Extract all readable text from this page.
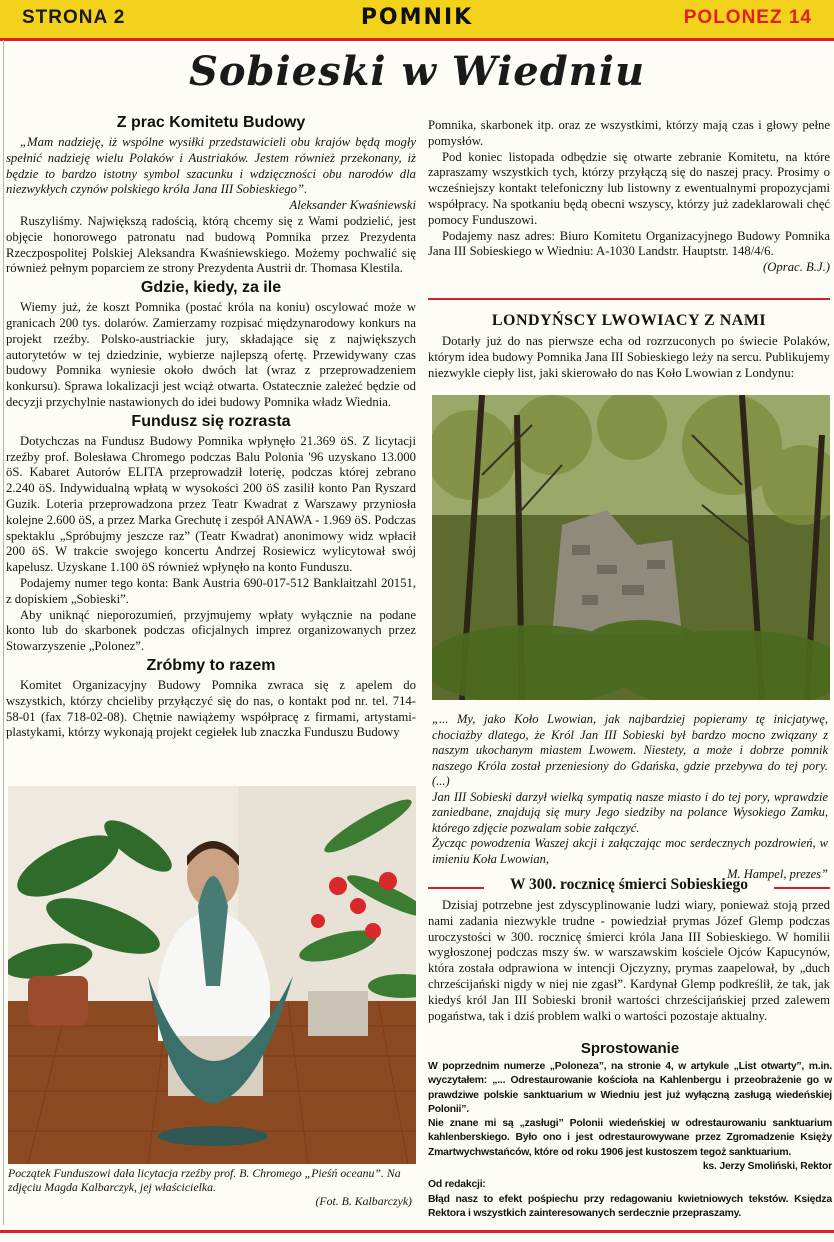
STRONA 2	POMNIK	POLONEZ 14
Sobieski w Wiedniu
Z prac Komitetu Budowy

„Mam nadzieję, iż wspólne wysiłki przedstawicieli obu krajów będą mogły spełnić nadzieję wielu Polaków i Austriaków. Jestem również przekonany, iż będzie to bardzo istotny symbol szacunku i wdzięczności obu narodów dla niezwykłych czynów polskiego króla Jana III Sobieskiego”.

Aleksander Kwaśniewski

Ruszyliśmy. Największą radością, którą chcemy się z Wami podzielić, jest objęcie honorowego patronatu nad budową Pomnika przez Prezydenta Rzeczpospolitej Polskiej Aleksandra Kwaśniewskiego. Możemy pochwalić się również pełnym poparciem ze strony Prezydenta Austrii dr. Thomasa Klestila.

Gdzie, kiedy, za ile

Wiemy już, że koszt Pomnika (postać króla na koniu) oscylować może w granicach 200 tys. dolarów. Zamierzamy rozpisać międzynarodowy konkurs na projekt rzeźby. Polsko-austriackie jury, składające się z największych autorytetów w tej dziedzinie, wybierze najlepszą ofertę. Przewidywany czas budowy Pomnika wyniesie około dwóch lat (wraz z przeprowadzeniem konkursu). Sprawa lokalizacji jest wciąż otwarta. Ostatecznie zależeć będzie od decyzji przychylnie nastawionych do idei budowy Pomnika władz Wiednia.

Fundusz się rozrasta

Dotychczas na Fundusz Budowy Pomnika wpłynęło 21.369 öS. Z licytacji rzeźby prof. Bolesława Chromego podczas Balu Polonia '96 uzyskano 13.000 öS. Kabaret Autorów ELITA przeprowadził loterię, podczas której zebrano 2.240 öS. Indywidualną wpłatą w wysokości 200 öS zasilił konto Pan Ryszard Guzik. Loteria przeprowadzona przez Teatr Kwadrat z Warszawy przyniosła kolejne 2.600 öS, a przez Marka Grechutę i zespół ANAWA - 1.969 öS. Podczas spektaklu „Spróbujmy jeszcze raz” (Teatr Kwadrat) anonimowy widz wpłacił 200 öS. W trakcie swojego koncertu Andrzej Rosiewicz wylicytował swój kapelusz. Uzyskane 1.100 öS również wpłynęło na konto Funduszu.

Podajemy numer tego konta: Bank Austria 690-017-512 Banklaitzahl 20151, z dopiskiem „Sobieski”.

Aby uniknąć nieporozumień, przyjmujemy wpłaty wyłącznie na podane konto lub do skarbonek podczas oficjalnych imprez organizowanych przez Stowarzyszenie „Polonez”.

Zróbmy to razem

Komitet Organizacyjny Budowy Pomnika zwraca się z apelem do wszystkich, którzy chcieliby przyłączyć się do nas, o kontakt pod nr. tel. 714-58-01 (fax 718-02-08). Chętnie nawiążemy współpracę z firmami, artystami-plastykami, którzy wykonają projekt cegiełek lub znaczka Funduszu Budowy

Początek Funduszowi dała licytacja rzeźby prof. B. Chromego „Pieśń oceanu”. Na zdjęciu Magda Kalbarczyk, jej właścicielka.
(Fot. B. Kalbarczyk)

Pomnika, skarbonek itp. oraz ze wszystkimi, którzy mają czas i głowy pełne pomysłów.

Pod koniec listopada odbędzie się otwarte zebranie Komitetu, na które zapraszamy wszystkich tych, którzy przyłączą się do naszej pracy. Prosimy o wcześniejszy kontakt telefoniczny lub listowny z ewentualnymi propozycjami współpracy. Na spotkaniu będą obecni wszyscy, którzy już zadeklarowali chęć pomocy Funduszowi.

Podajemy nasz adres: Biuro Komitetu Organizacyjnego Budowy Pomnika Jana III Sobieskiego w Wiedniu: A-1030 Landstr. Hauptstr. 148/4/6.

(Oprac. B.J.)

LONDYŃSCY LWOWIACY Z NAMI

Dotarły już do nas pierwsze echa od rozrzuconych po świecie Polaków, którym idea budowy Pomnika Jana III Sobieskiego leży na sercu. Publikujemy niezwykle ciepły list, jaki skierowało do nas Koło Lwowian z Londynu:

„... My, jako Koło Lwowian, jak najbardziej popieramy tę inicjatywę, chociażby dlatego, że Król Jan III Sobieski był bardzo mocno związany z naszym ukochanym miastem Lwowem. Niestety, a może i dobrze pomnik naszego Króla został przeniesiony do Gdańska, gdzie przebywa do tej pory. (...)

Jan III Sobieski darzył wielką sympatią nasze miasto i do tej pory, wprawdzie zaniedbane, znajdują się mury Jego siedziby na polance Wysokiego Zamku, którego zdjęcie pozwalam sobie załączyć.

Życząc powodzenia Waszej akcji i załączając moc serdecznych pozdrowień, w imieniu Koła Lwowian,

M. Hampel, prezes”

W 300. rocznicę śmierci Sobieskiego

Dzisiaj potrzebne jest zdyscyplinowanie ludzi wiary, ponieważ stoją przed nami zadania niezwykle trudne - powiedział prymas Józef Glemp podczas uroczystości w 300. rocznicę śmierci króla Jana III Sobieskiego. W homilii wygłoszonej podczas mszy św. w warszawskim kościele Ojców Kapucynów, która została odprawiona w intencji Ojczyzny, prymas zaapelował, by „duch chrześcijański nigdy w niej nie zgasł”. Kardynał Glemp podkreślił, że tak, jak kiedyś król Jan III Sobieski bronił wartości chrześcijańskiej przed zalewem pogaństwa, tak i dziś problem walki o wartości pozostaje aktualny.

Sprostowanie

W poprzednim numerze „Poloneza”, na stronie 4, w artykule „List otwarty”, m.in. wyczytałem: „... Odrestaurowanie kościoła na Kahlenbergu i przeobrażenie go w prawdziwe polskie sanktuarium w Wiedniu jest już wyłączną zasługą wiedeńskiej Polonii”.

Nie znane mi są „zasługi” Polonii wiedeńskiej w odrestaurowaniu sanktuarium kahlenberskiego. Było ono i jest odrestaurowywane przez Zgromadzenie Księży Zmartwychwstańców, które od roku 1906 jest kustoszem tegoż sanktuarium.

ks. Jerzy Smoliński, Rektor

Od redakcji:

Błąd nasz to efekt pośpiechu przy redagowaniu kwietniowych tekstów. Księdza Rektora i wszystkich zainteresowanych serdecznie przepraszamy.
